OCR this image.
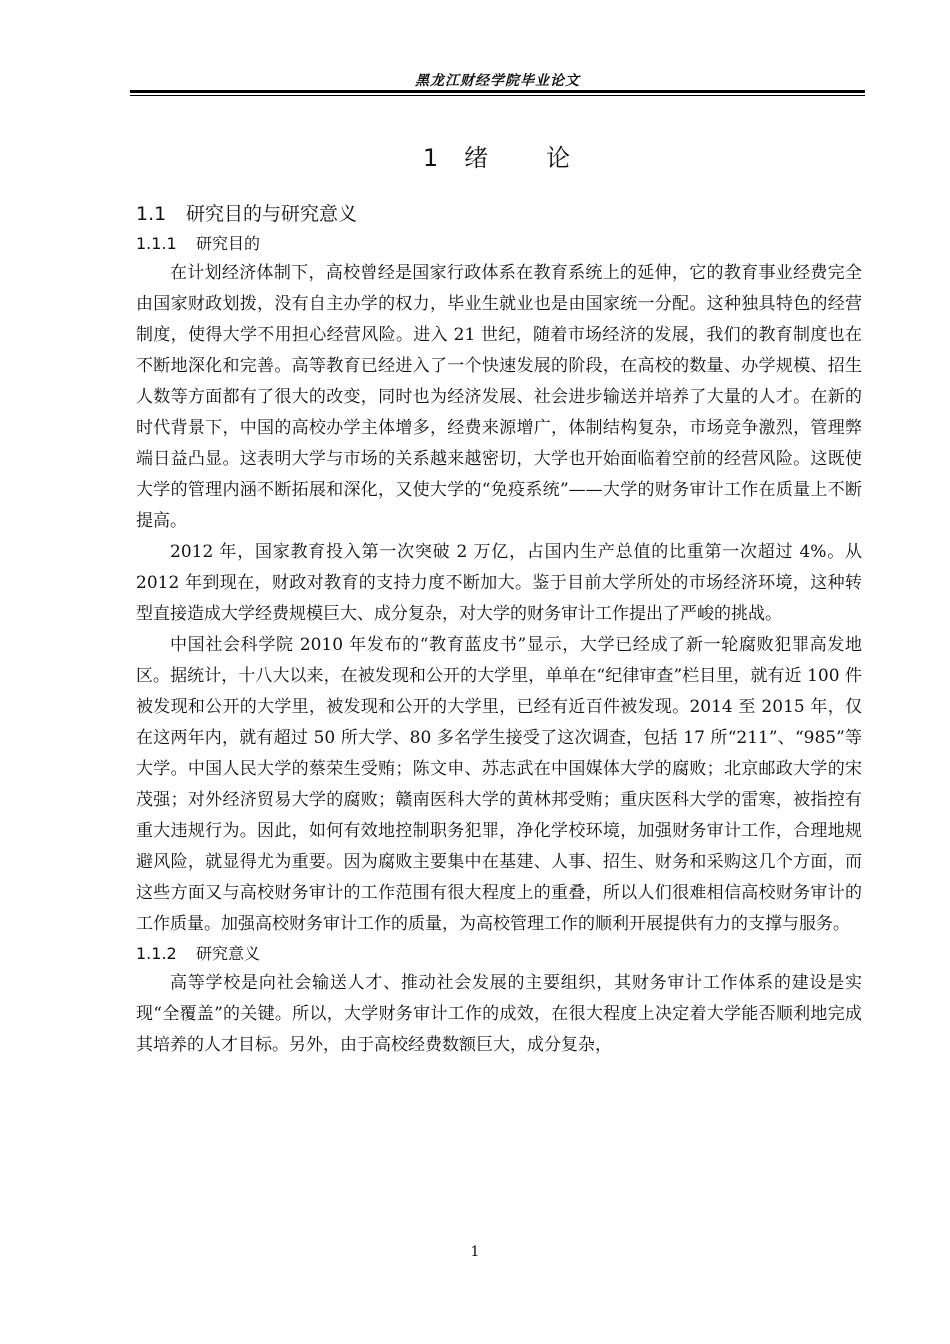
黑龙江财经学院毕业论文
1 绪 论
1.1 研究目的与研究意义
1.1.1 研究目的

在计划经济体制下，高校曾经是国家行政体系在教育系统上的延伸，它的教育事业经费完全由国家财政划拨，没有自主办学的权力，毕业生就业也是由国家统一分配。这种独具特色的经营制度，使得大学不用担心经营风险。进入 21 世纪，随着市场经济的发展，我们的教育制度也在不断地深化和完善。高等教育已经进入了一个快速发展的阶段，在高校的数量、办学规模、招生人数等方面都有了很大的改变，同时也为经济发展、社会进步输送并培养了大量的人才。在新的时代背景下，中国的高校办学主体增多，经费来源增广，体制结构复杂，市场竞争激烈，管理弊端日益凸显。这表明大学与市场的关系越来越密切，大学也开始面临着空前的经营风险。这既使大学的管理内涵不断拓展和深化，又使大学的“免疫系统”——大学的财务审计工作在质量上不断提高。

2012 年，国家教育投入第一次突破 2 万亿，占国内生产总值的比重第一次超过 4%。从 2012 年到现在，财政对教育的支持力度不断加大。鉴于目前大学所处的市场经济环境，这种转型直接造成大学经费规模巨大、成分复杂，对大学的财务审计工作提出了严峻的挑战。

中国社会科学院 2010 年发布的“教育蓝皮书”显示，大学已经成了新一轮腐败犯罪高发地区。据统计，十八大以来，在被发现和公开的大学里，单单在“纪律审查”栏目里，就有近 100 件被发现和公开的大学里，被发现和公开的大学里，已经有近百件被发现。2014 至 2015 年，仅在这两年内，就有超过 50 所大学、80 多名学生接受了这次调查，包括 17 所“211”、“985”等大学。中国人民大学的蔡荣生受贿；陈文申、苏志武在中国媒体大学的腐败；北京邮政大学的宋茂强；对外经济贸易大学的腐败；赣南医科大学的黄林邦受贿；重庆医科大学的雷寒，被指控有重大违规行为。因此，如何有效地控制职务犯罪，净化学校环境，加强财务审计工作，合理地规避风险，就显得尤为重要。因为腐败主要集中在基建、人事、招生、财务和采购这几个方面，而这些方面又与高校财务审计的工作范围有很大程度上的重叠，所以人们很难相信高校财务审计的工作质量。加强高校财务审计工作的质量，为高校管理工作的顺利开展提供有力的支撑与服务。

1.1.2 研究意义

高等学校是向社会输送人才、推动社会发展的主要组织，其财务审计工作体系的建设是实现“全覆盖”的关键。所以，大学财务审计工作的成效，在很大程度上决定着大学能否顺利地完成其培养的人才目标。另外，由于高校经费数额巨大，成分复杂，

1
